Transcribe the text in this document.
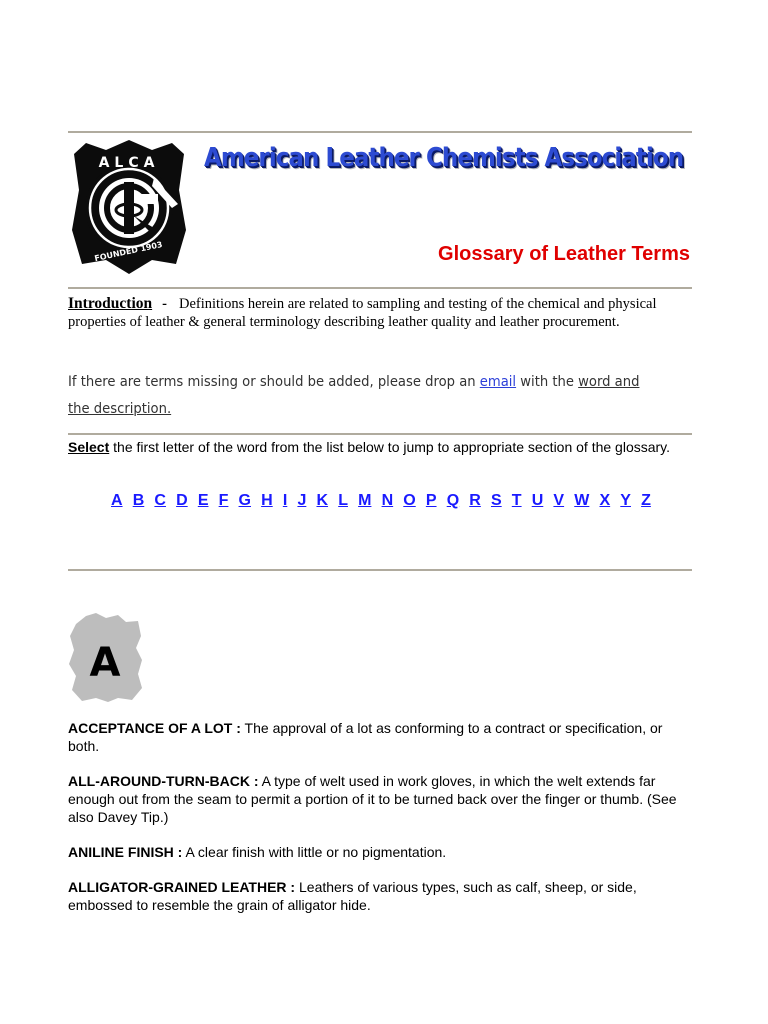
ALCA
FOUNDED 1903
American Leather Chemists Association
Glossary of Leather Terms
Introduction - Definitions herein are related to sampling and testing of the chemical and physical properties of leather & general terminology describing leather quality and leather procurement.
If there are terms missing or should be added, please drop an email with the word and the description.
Select the first letter of the word from the list below to jump to appropriate section of the glossary.
A B C D E F G H I J K L M N O P Q R S T U V W X Y Z
A
ACCEPTANCE OF A LOT : The approval of a lot as conforming to a contract or specification, or both.
ALL-AROUND-TURN-BACK : A type of welt used in work gloves, in which the welt extends far enough out from the seam to permit a portion of it to be turned back over the finger or thumb. (See also Davey Tip.)
ANILINE FINISH : A clear finish with little or no pigmentation.
ALLIGATOR-GRAINED LEATHER : Leathers of various types, such as calf, sheep, or side, embossed to resemble the grain of alligator hide.
